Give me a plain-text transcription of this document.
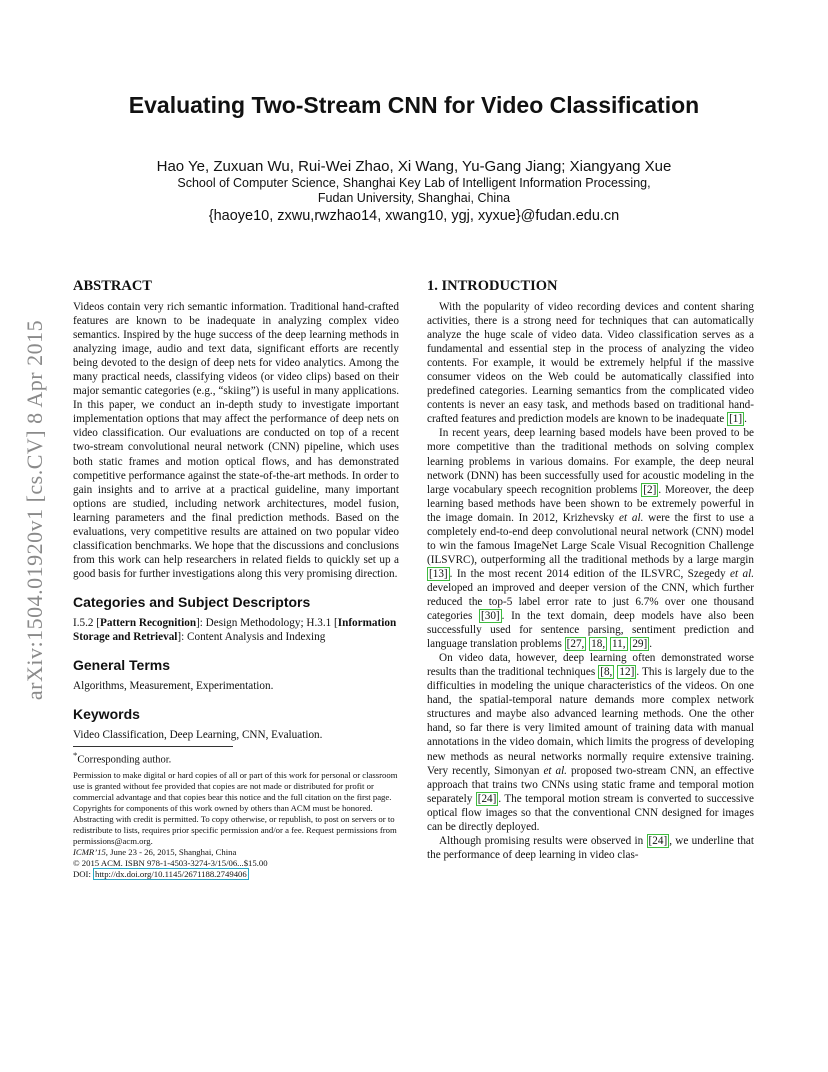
arXiv:1504.01920v1 [cs.CV] 8 Apr 2015
Evaluating Two-Stream CNN for Video Classification
Hao Ye, Zuxuan Wu, Rui-Wei Zhao, Xi Wang, Yu-Gang Jiang; Xiangyang Xue
School of Computer Science, Shanghai Key Lab of Intelligent Information Processing,
Fudan University, Shanghai, China
{haoye10, zxwu,rwzhao14, xwang10, ygj, xyxue}@fudan.edu.cn
ABSTRACT

Videos contain very rich semantic information. Traditional hand-crafted features are known to be inadequate in analyzing complex video semantics. Inspired by the huge success of the deep learning methods in analyzing image, audio and text data, significant efforts are recently being devoted to the design of deep nets for video analytics. Among the many practical needs, classifying videos (or video clips) based on their major semantic categories (e.g., “skiing”) is useful in many applications. In this paper, we conduct an in-depth study to investigate important implementation options that may affect the performance of deep nets on video classification. Our evaluations are conducted on top of a recent two-stream convolutional neural network (CNN) pipeline, which uses both static frames and motion optical flows, and has demonstrated competitive performance against the state-of-the-art methods. In order to gain insights and to arrive at a practical guideline, many important options are studied, including network architectures, model fusion, learning parameters and the final prediction methods. Based on the evaluations, very competitive results are attained on two popular video classification benchmarks. We hope that the discussions and conclusions from this work can help researchers in related fields to quickly set up a good basis for further investigations along this very promising direction.

Categories and Subject Descriptors

I.5.2 [Pattern Recognition]: Design Methodology; H.3.1 [Information Storage and Retrieval]: Content Analysis and Indexing

General Terms

Algorithms, Measurement, Experimentation.

Keywords

Video Classification, Deep Learning, CNN, Evaluation.

*Corresponding author.
Permission to make digital or hard copies of all or part of this work for personal or classroom use is granted without fee provided that copies are not made or distributed for profit or commercial advantage and that copies bear this notice and the full citation on the first page. Copyrights for components of this work owned by others than ACM must be honored. Abstracting with credit is permitted. To copy otherwise, or republish, to post on servers or to redistribute to lists, requires prior specific permission and/or a fee. Request permissions from permissions@acm.org.
ICMR’15, June 23 - 26, 2015, Shanghai, China
© 2015 ACM. ISBN 978-1-4503-3274-3/15/06...$15.00
DOI: http://dx.doi.org/10.1145/2671188.2749406
1. INTRODUCTION

With the popularity of video recording devices and content sharing activities, there is a strong need for techniques that can automatically analyze the huge scale of video data. Video classification serves as a fundamental and essential step in the process of analyzing the video contents. For example, it would be extremely helpful if the massive consumer videos on the Web could be automatically classified into predefined categories. Learning semantics from the complicated video contents is never an easy task, and methods based on traditional hand-crafted features and prediction models are known to be inadequate [1] .

In recent years, deep learning based models have been proved to be more competitive than the traditional methods on solving complex learning problems in various domains. For example, the deep neural network (DNN) has been successfully used for acoustic modeling in the large vocabulary speech recognition problems [2] . Moreover, the deep learning based methods have been shown to be extremely powerful in the image domain. In 2012, Krizhevsky et al. were the first to use a completely end-to-end deep convolutional neural network (CNN) model to win the famous ImageNet Large Scale Visual Recognition Challenge (ILSVRC), outperforming all the traditional methods by a large margin [13] . In the most recent 2014 edition of the ILSVRC, Szegedy et al. developed an improved and deeper version of the CNN, which further reduced the top-5 label error rate to just 6.7% over one thousand categories [30] . In the text domain, deep models have also been successfully used for sentence parsing, sentiment prediction and language translation problems [27, 18, 11, 29] .

On video data, however, deep learning often demonstrated worse results than the traditional techniques [8, 12] . This is largely due to the difficulties in modeling the unique characteristics of the videos. On one hand, the spatial-temporal nature demands more complex network structures and maybe also advanced learning methods. One the other hand, so far there is very limited amount of training data with manual annotations in the video domain, which limits the progress of developing new methods as neural networks normally require extensive training. Very recently, Simonyan et al. proposed two-stream CNN, an effective approach that trains two CNNs using static frame and temporal motion separately [24] . The temporal motion stream is converted to successive optical flow images so that the conventional CNN designed for images can be directly deployed.

Although promising results were observed in [24] , we underline that the performance of deep learning in video clas-
